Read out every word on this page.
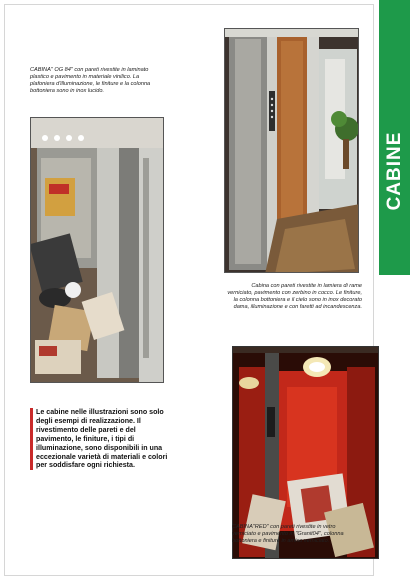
CABINE
CABINA" OG 84" con pareti rivestite in laminato plastico e pavimento in materiale vinilico. La plafoniera d'illuminazione, le finiture e la colonna bottoniera sono in inox lucido.
Cabina con pareti rivestite in lamiera di rame verniciato, pavimento con zerbino in cocco. Le finiture, la colonna bottoniera e il cielo sono in inox decorato dama, illuminazione e con faretti ad incandescenza.
Le cabine nelle illustrazioni sono solo degli esempi di realizzazione. Il rivestimento delle pareti e del pavimento, le finiture, i tipi di illuminazione, sono disponibili in una eccezionale varietà di materiali e colori per soddisfare ogni richiesta.
CABINA"RED" con pareti rivestite in vetro verniciato e pavimento in "Granit04", colonna bottoniera e finiture in amiso verniciato.
